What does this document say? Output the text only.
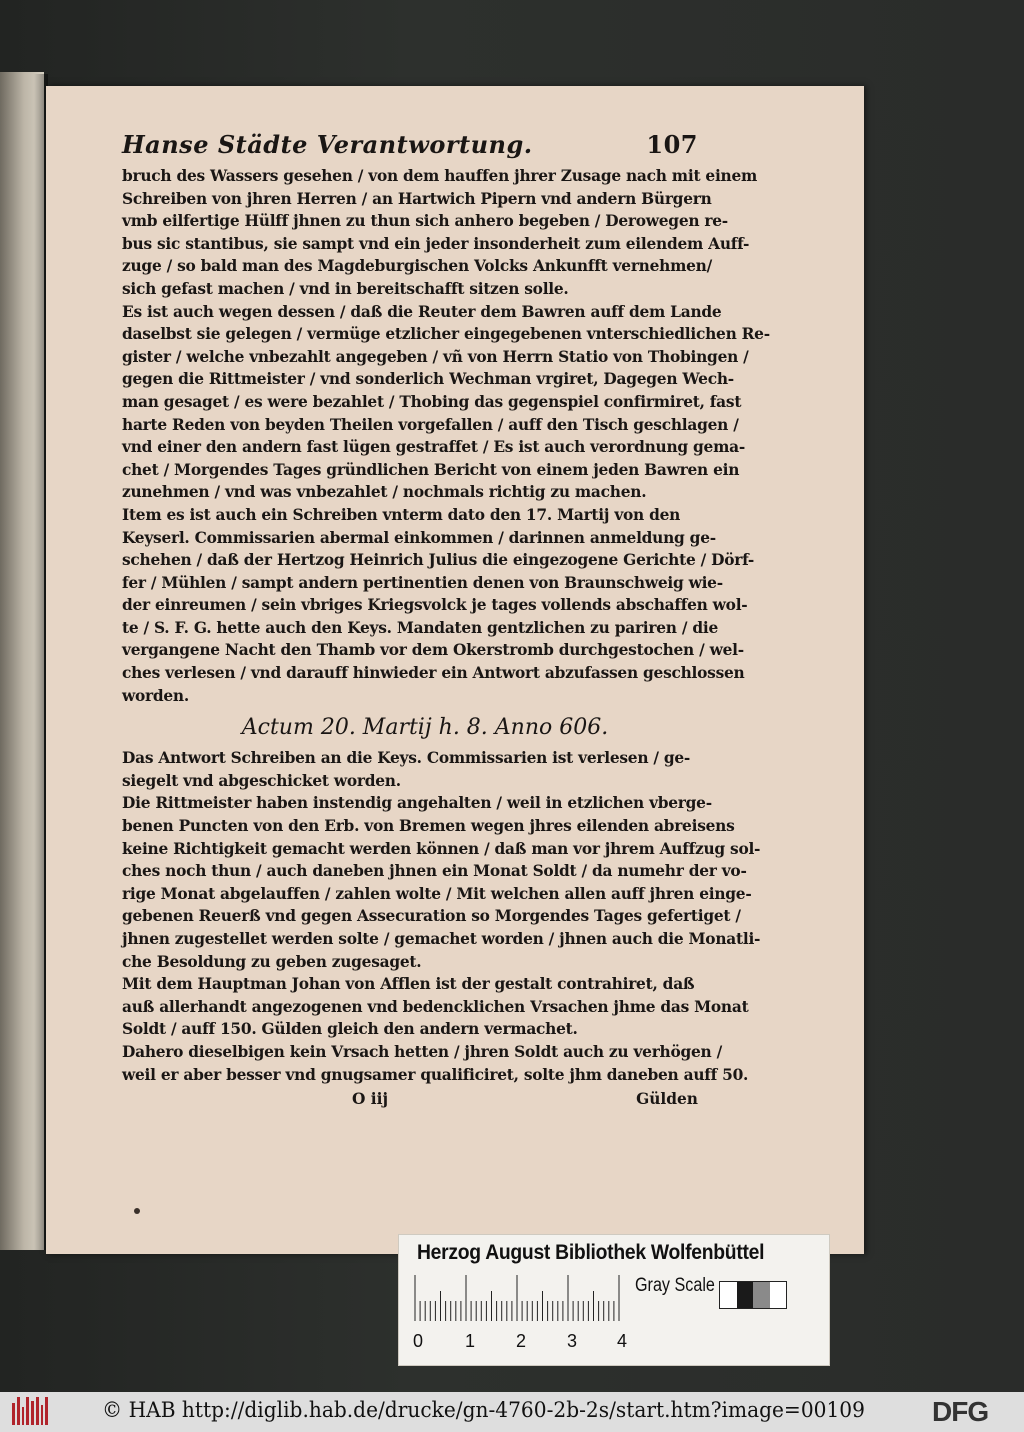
Hanse Städte Verantwortung.	107
bruch des Wassers gesehen / von dem hauffen jhrer Zusage nach mit einem
Schreiben von jhren Herren / an Hartwich Pipern vnd andern Bürgern
vmb eilfertige Hülff jhnen zu thun sich anhero begeben / Derowegen re-
bus sic stantibus, sie sampt vnd ein jeder insonderheit zum eilendem Auff-
zuge / so bald man des Magdeburgischen Volcks Ankunfft vernehmen/
sich gefast machen / vnd in bereitschafft sitzen solle.
Es ist auch wegen dessen / daß die Reuter dem Bawren auff dem Lande
daselbst sie gelegen / vermüge etzlicher eingegebenen vnterschiedlichen Re-
gister / welche vnbezahlt angegeben / vñ von Herrn Statio von Thobingen /
gegen die Rittmeister / vnd sonderlich Wechman vrgiret, Dagegen Wech-
man gesaget / es were bezahlet / Thobing das gegenspiel confirmiret, fast
harte Reden von beyden Theilen vorgefallen / auff den Tisch geschlagen /
vnd einer den andern fast lügen gestraffet / Es ist auch verordnung gema-
chet / Morgendes Tages gründlichen Bericht von einem jeden Bawren ein
zunehmen / vnd was vnbezahlet / nochmals richtig zu machen.
Item es ist auch ein Schreiben vnterm dato den 17. Martij von den
Keyserl. Commissarien abermal einkommen / darinnen anmeldung ge-
schehen / daß der Hertzog Heinrich Julius die eingezogene Gerichte / Dörf-
fer / Mühlen / sampt andern pertinentien denen von Braunschweig wie-
der einreumen / sein vbriges Kriegsvolck je tages vollends abschaffen wol-
te / S. F. G. hette auch den Keys. Mandaten gentzlichen zu pariren / die
vergangene Nacht den Thamb vor dem Okerstromb durchgestochen / wel-
ches verlesen / vnd darauff hinwieder ein Antwort abzufassen geschlossen
worden.
Actum 20. Martij h. 8. Anno 606.
Das Antwort Schreiben an die Keys. Commissarien ist verlesen / ge-
siegelt vnd abgeschicket worden.
Die Rittmeister haben instendig angehalten / weil in etzlichen vberge-
benen Puncten von den Erb. von Bremen wegen jhres eilenden abreisens
keine Richtigkeit gemacht werden können / daß man vor jhrem Auffzug sol-
ches noch thun / auch daneben jhnen ein Monat Soldt / da numehr der vo-
rige Monat abgelauffen / zahlen wolte / Mit welchen allen auff jhren einge-
gebenen Reuerß vnd gegen Assecuration so Morgendes Tages gefertiget /
jhnen zugestellet werden solte / gemachet worden / jhnen auch die Monatli-
che Besoldung zu geben zugesaget.
Mit dem Hauptman Johan von Afflen ist der gestalt contrahiret, daß
auß allerhandt angezogenen vnd bedencklichen Vrsachen jhme das Monat
Soldt / auff 150. Gülden gleich den andern vermachet.
Dahero dieselbigen kein Vrsach hetten / jhren Soldt auch zu verhögen /
weil er aber besser vnd gnugsamer qualificiret, solte jhm daneben auff 50.
O iij	Gülden
Herzog August Bibliothek Wolfenbüttel
0 1 2 3 4
Gray Scale
© HAB http://diglib.hab.de/drucke/gn-4760-2b-2s/start.htm?image=00109 DFG
